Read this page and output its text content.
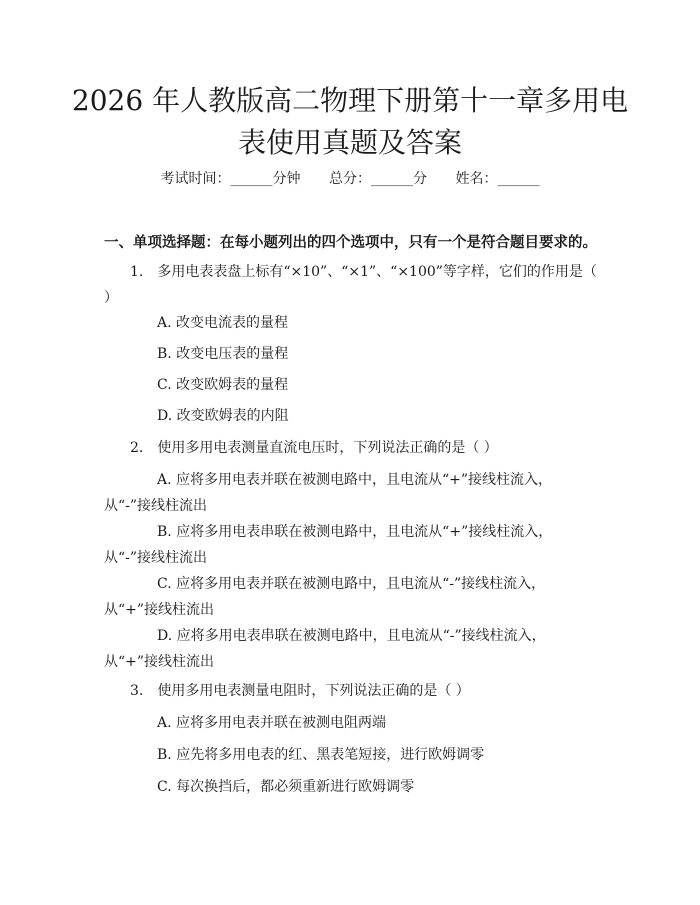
2026 年人教版高二物理下册第十一章多用电表使用真题及答案
考试时间：______分钟 总分：______分 姓名：______
一、单项选择题：在每小题列出的四个选项中，只有一个是符合题目要求的。
1.　多用电表表盘上标有“×10”、“×1”、“×100”等字样，它们的作用是（ ）
A. 改变电流表的量程
B. 改变电压表的量程
C. 改变欧姆表的量程
D. 改变欧姆表的内阻
2.　使用多用电表测量直流电压时，下列说法正确的是（ ）
A. 应将多用电表并联在被测电路中，且电流从“+”接线柱流入，从“-”接线柱流出
B. 应将多用电表串联在被测电路中，且电流从“+”接线柱流入，从“-”接线柱流出
C. 应将多用电表并联在被测电路中，且电流从“-”接线柱流入，从“+”接线柱流出
D. 应将多用电表串联在被测电路中，且电流从“-”接线柱流入，从“+”接线柱流出
3.　使用多用电表测量电阻时，下列说法正确的是（ ）
A. 应将多用电表并联在被测电阻两端
B. 应先将多用电表的红、黑表笔短接，进行欧姆调零
C. 每次换挡后，都必须重新进行欧姆调零
